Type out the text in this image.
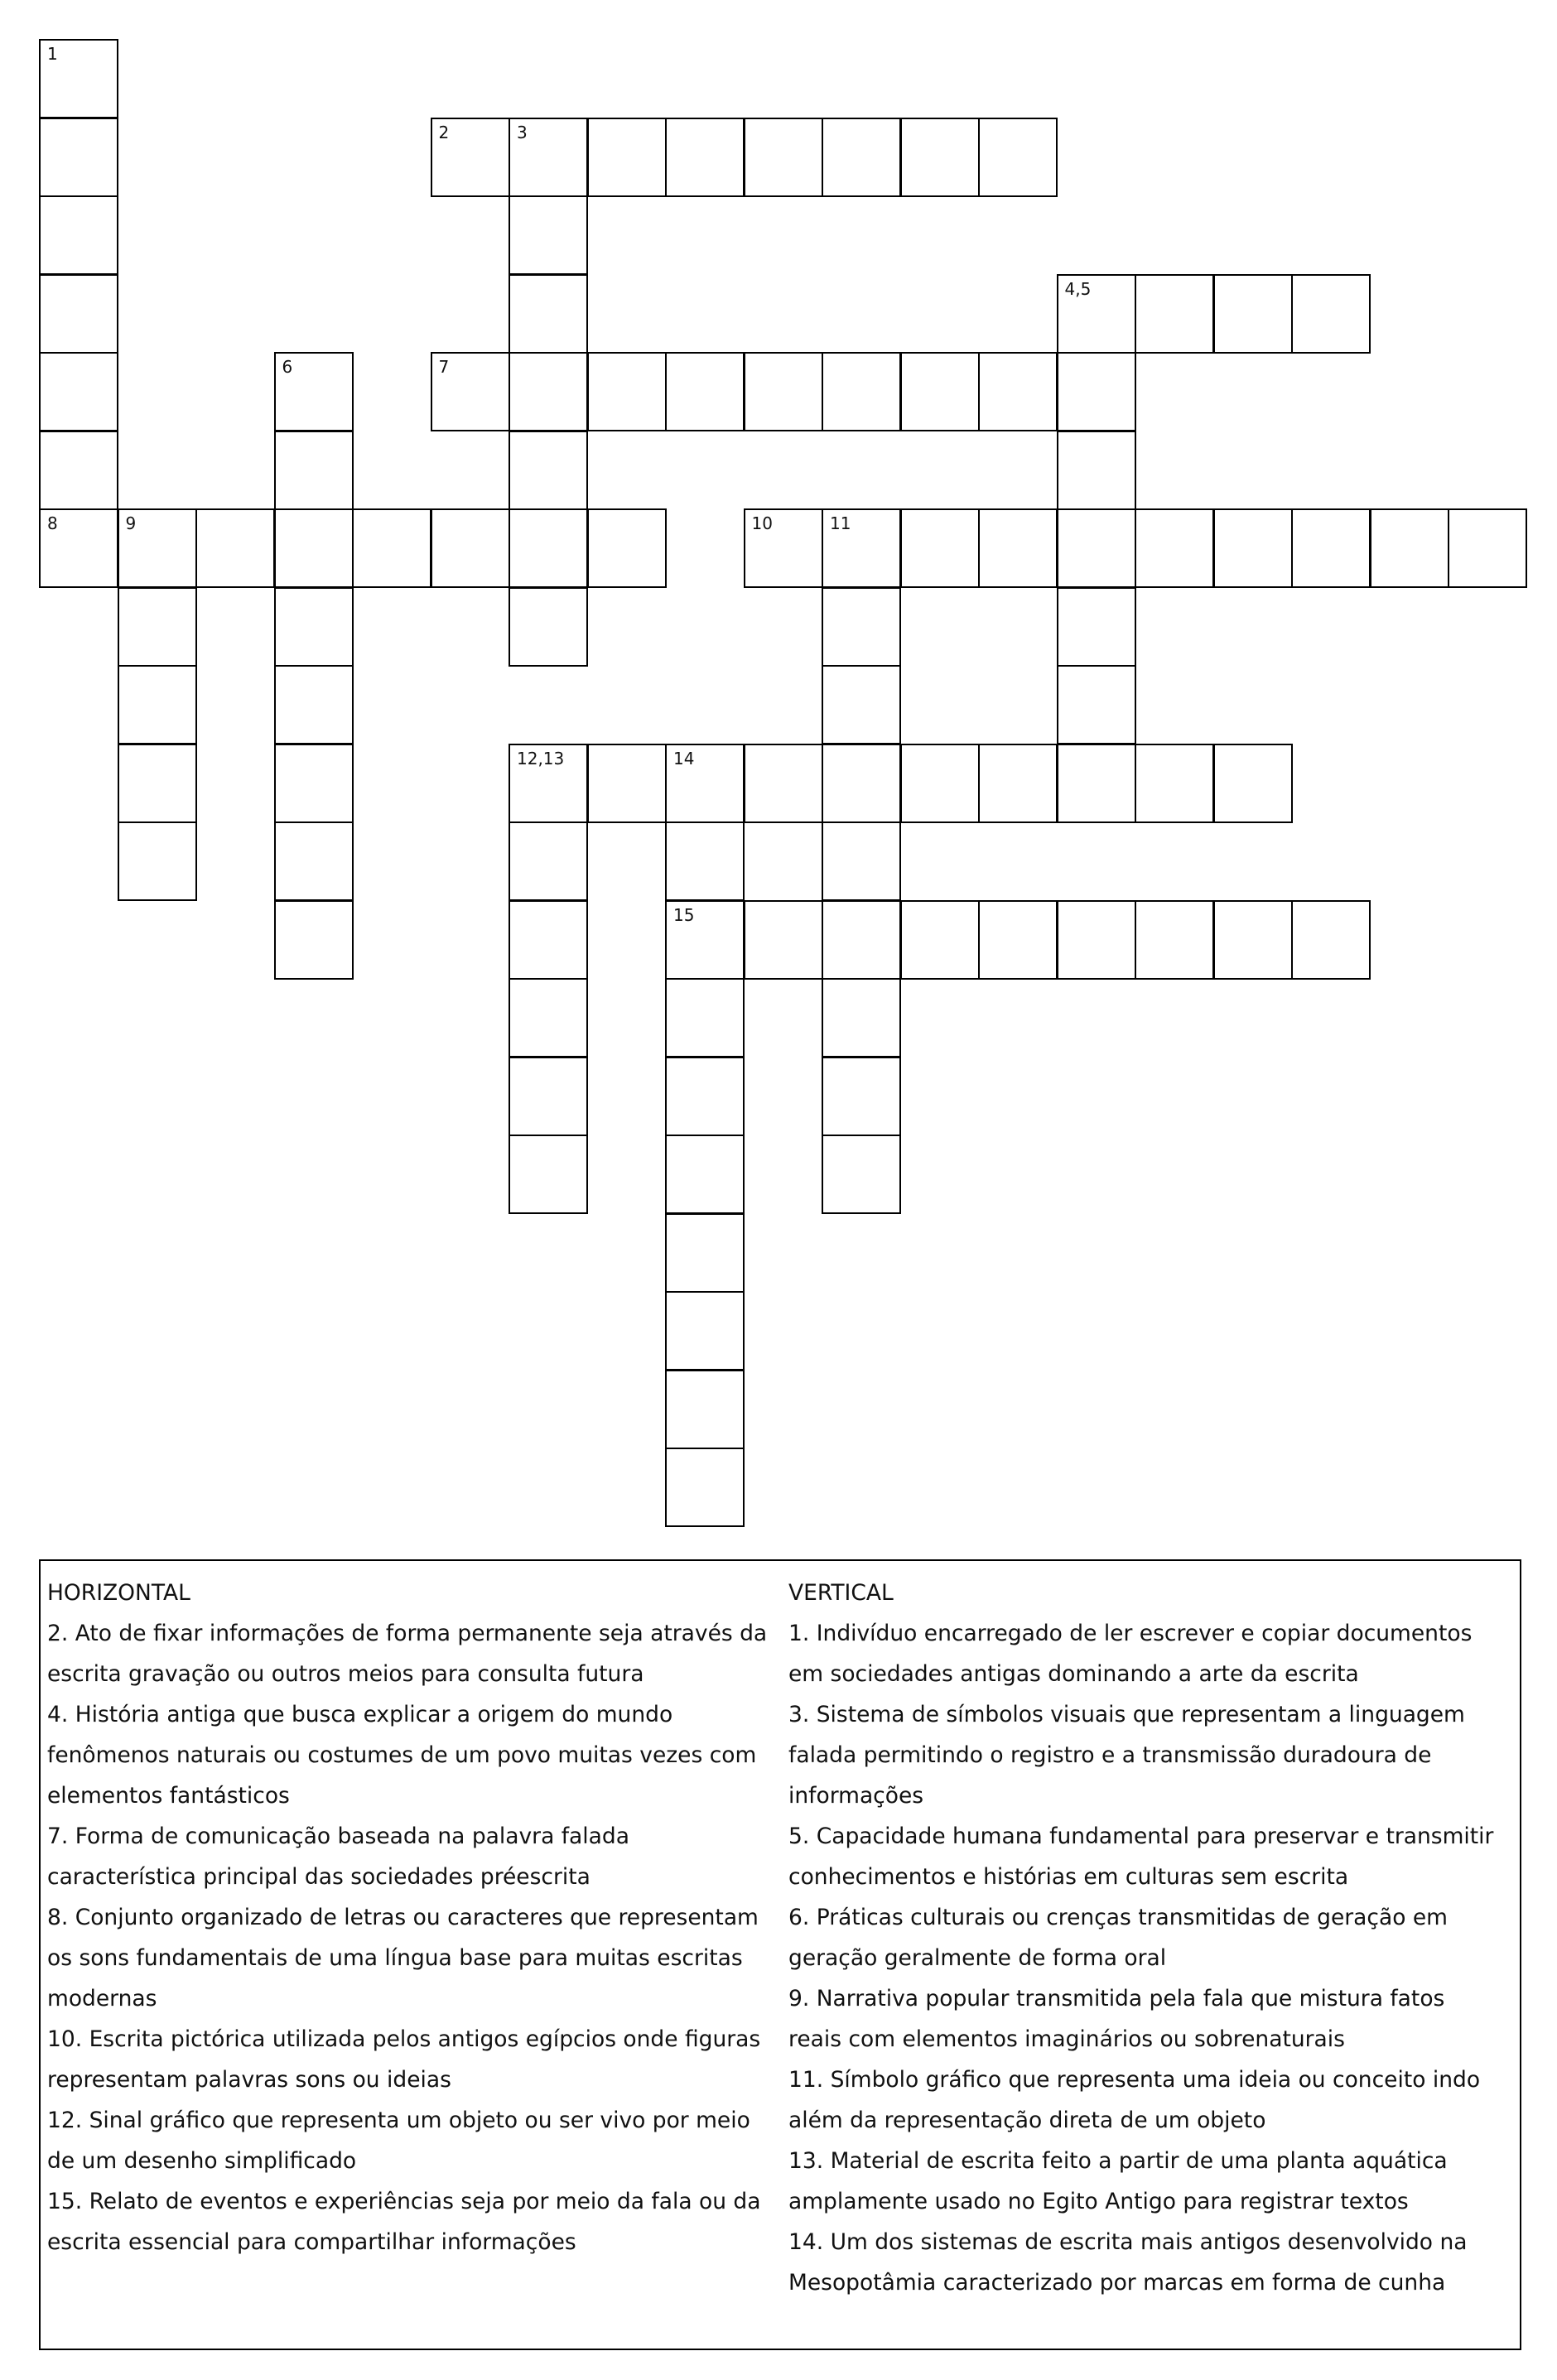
1
8
2	3
4,5
6	7
9	10	11
12,13	14
15
HORIZONTAL
2. Ato de fixar informações de forma permanente seja através da
escrita gravação ou outros meios para consulta futura
4. História antiga que busca explicar a origem do mundo
fenômenos naturais ou costumes de um povo muitas vezes com
elementos fantásticos
7. Forma de comunicação baseada na palavra falada
característica principal das sociedades préescrita
8. Conjunto organizado de letras ou caracteres que representam
os sons fundamentais de uma língua base para muitas escritas
modernas
10. Escrita pictórica utilizada pelos antigos egípcios onde figuras
representam palavras sons ou ideias
12. Sinal gráfico que representa um objeto ou ser vivo por meio
de um desenho simplificado
15. Relato de eventos e experiências seja por meio da fala ou da
escrita essencial para compartilhar informações
VERTICAL
1. Indivíduo encarregado de ler escrever e copiar documentos
em sociedades antigas dominando a arte da escrita
3. Sistema de símbolos visuais que representam a linguagem
falada permitindo o registro e a transmissão duradoura de
informações
5. Capacidade humana fundamental para preservar e transmitir
conhecimentos e histórias em culturas sem escrita
6. Práticas culturais ou crenças transmitidas de geração em
geração geralmente de forma oral
9. Narrativa popular transmitida pela fala que mistura fatos
reais com elementos imaginários ou sobrenaturais
11. Símbolo gráfico que representa uma ideia ou conceito indo
além da representação direta de um objeto
13. Material de escrita feito a partir de uma planta aquática
amplamente usado no Egito Antigo para registrar textos
14. Um dos sistemas de escrita mais antigos desenvolvido na
Mesopotâmia caracterizado por marcas em forma de cunha
